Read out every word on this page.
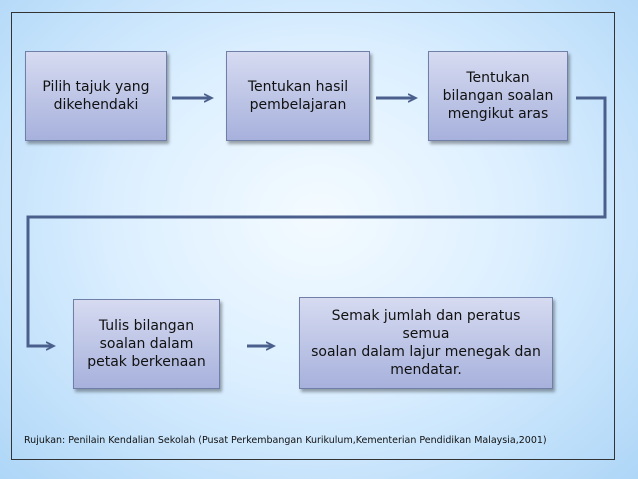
Pilih tajuk yang
dikehendaki
Tentukan hasil
pembelajaran
Tentukan
bilangan soalan
mengikut aras
Tulis bilangan
soalan dalam
petak berkenaan
Semak jumlah dan peratus semua
soalan dalam lajur menegak dan
mendatar.
Rujukan: Penilain Kendalian Sekolah (Pusat Perkembangan Kurikulum,Kementerian Pendidikan Malaysia,2001)
